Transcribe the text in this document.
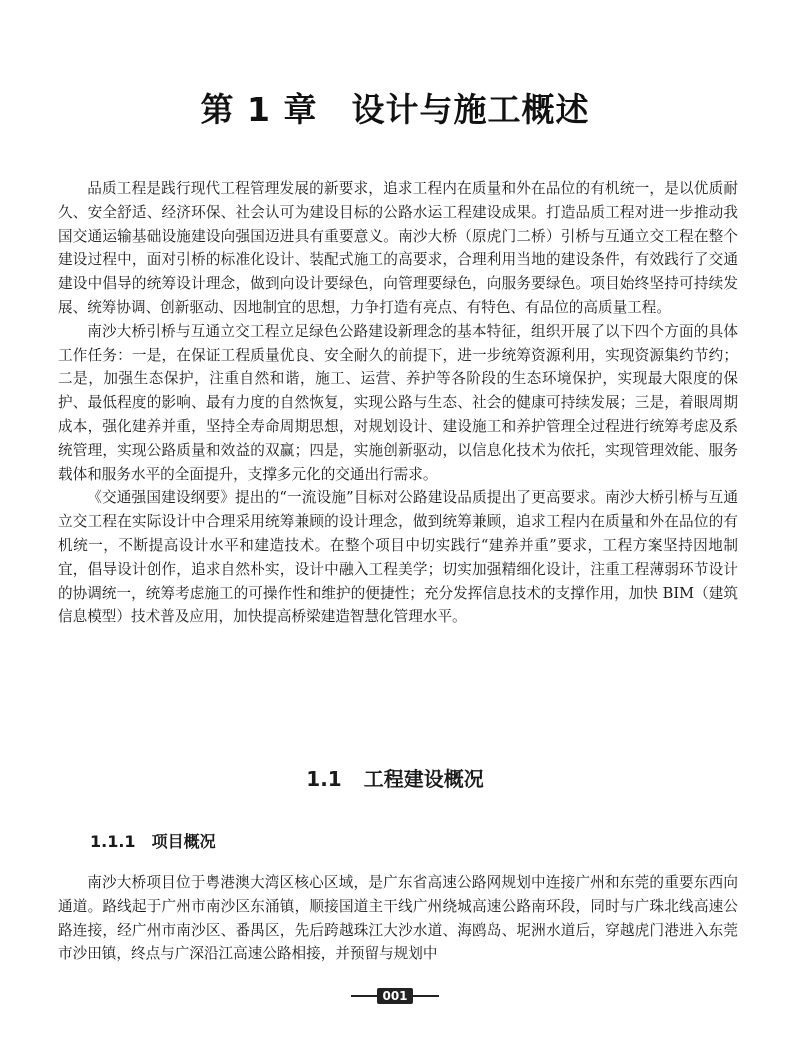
第 1 章 设计与施工概述

品质工程是践行现代工程管理发展的新要求，追求工程内在质量和外在品位的有机统一，是以优质耐久、安全舒适、经济环保、社会认可为建设目标的公路水运工程建设成果。打造品质工程对进一步推动我国交通运输基础设施建设向强国迈进具有重要意义。南沙大桥（原虎门二桥）引桥与互通立交工程在整个建设过程中，面对引桥的标准化设计、装配式施工的高要求，合理利用当地的建设条件，有效践行了交通建设中倡导的统筹设计理念，做到向设计要绿色，向管理要绿色，向服务要绿色。项目始终坚持可持续发展、统筹协调、创新驱动、因地制宜的思想，力争打造有亮点、有特色、有品位的高质量工程。

南沙大桥引桥与互通立交工程立足绿色公路建设新理念的基本特征，组织开展了以下四个方面的具体工作任务：一是，在保证工程质量优良、安全耐久的前提下，进一步统筹资源利用，实现资源集约节约；二是，加强生态保护，注重自然和谐，施工、运营、养护等各阶段的生态环境保护，实现最大限度的保护、最低程度的影响、最有力度的自然恢复，实现公路与生态、社会的健康可持续发展；三是，着眼周期成本，强化建养并重，坚持全寿命周期思想，对规划设计、建设施工和养护管理全过程进行统筹考虑及系统管理，实现公路质量和效益的双赢；四是，实施创新驱动，以信息化技术为依托，实现管理效能、服务载体和服务水平的全面提升，支撑多元化的交通出行需求。

《交通强国建设纲要》提出的“一流设施”目标对公路建设品质提出了更高要求。南沙大桥引桥与互通立交工程在实际设计中合理采用统筹兼顾的设计理念，做到统筹兼顾，追求工程内在质量和外在品位的有机统一，不断提高设计水平和建造技术。在整个项目中切实践行“建养并重”要求，工程方案坚持因地制宜，倡导设计创作，追求自然朴实，设计中融入工程美学；切实加强精细化设计，注重工程薄弱环节设计的协调统一，统筹考虑施工的可操作性和维护的便捷性；充分发挥信息技术的支撑作用，加快 BIM（建筑信息模型）技术普及应用，加快提高桥梁建造智慧化管理水平。

1.1 工程建设概况
1.1.1 项目概况

南沙大桥项目位于粤港澳大湾区核心区域，是广东省高速公路网规划中连接广州和东莞的重要东西向通道。路线起于广州市南沙区东涌镇，顺接国道主干线广州绕城高速公路南环段，同时与广珠北线高速公路连接，经广州市南沙区、番禺区，先后跨越珠江大沙水道、海鸥岛、坭洲水道后，穿越虎门港进入东莞市沙田镇，终点与广深沿江高速公路相接，并预留与规划中

001
